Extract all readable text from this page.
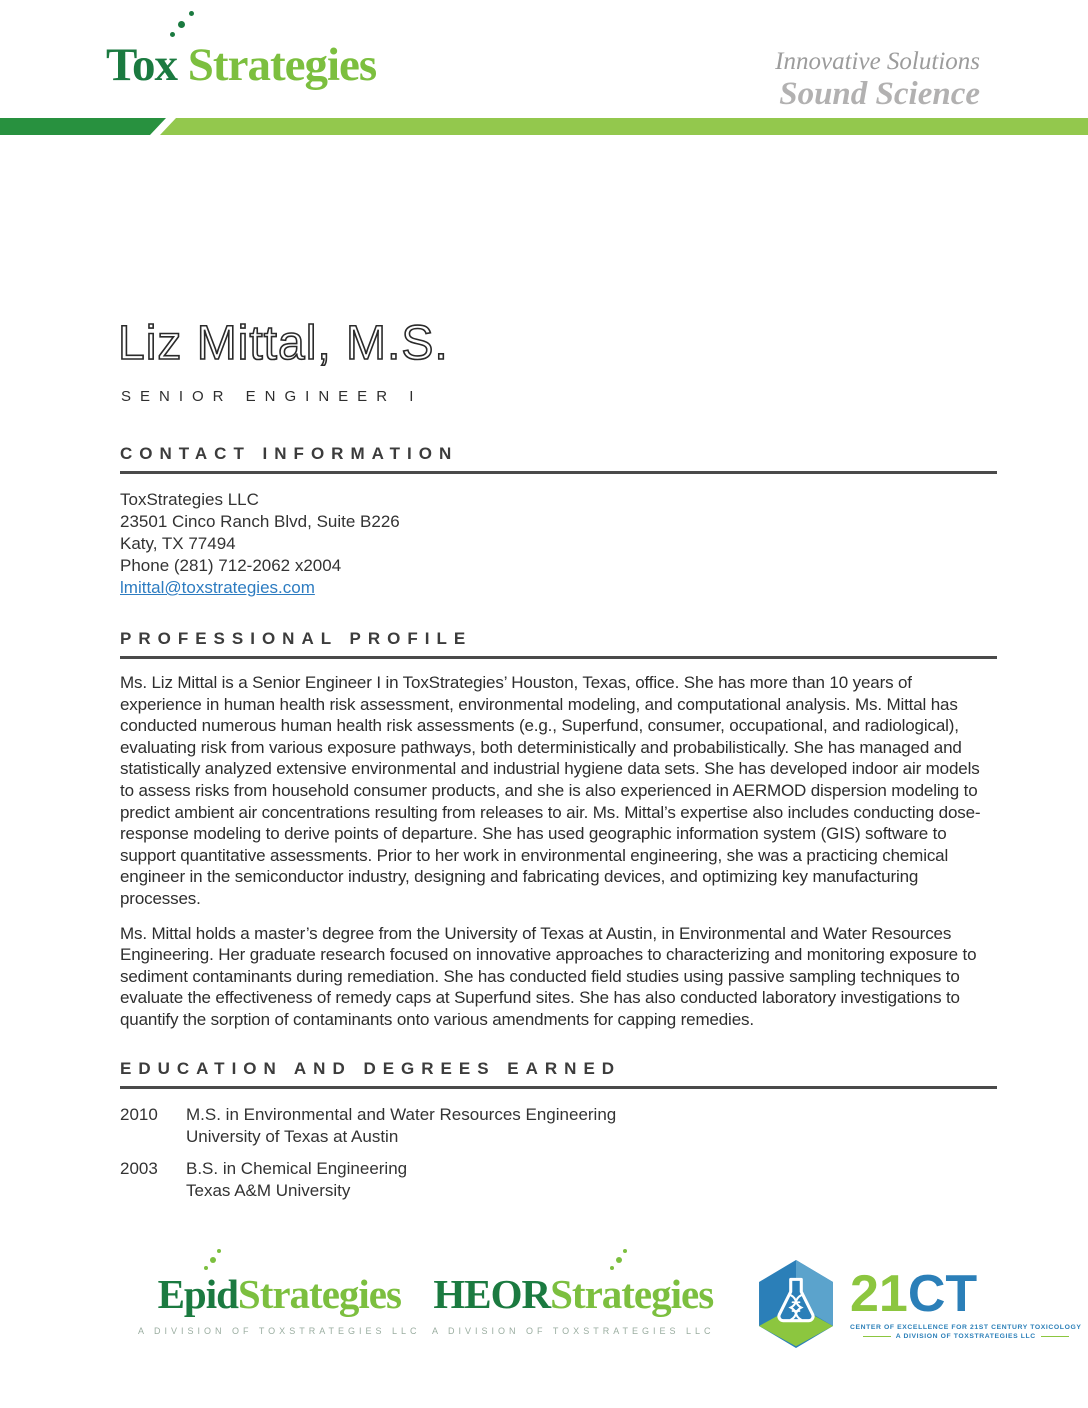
Tox Strategies	Innovative Solutions
Sound Science
Liz Mittal, M.S.
SENIOR ENGINEER I
CONTACT INFORMATION
ToxStrategies LLC
23501 Cinco Ranch Blvd, Suite B226
Katy, TX 77494
Phone (281) 712-2062 x2004
lmittal@toxstrategies.com
PROFESSIONAL PROFILE

Ms. Liz Mittal is a Senior Engineer I in ToxStrategies’ Houston, Texas, office. She has more than 10 years of experience in human health risk assessment, environmental modeling, and computational analysis. Ms. Mittal has conducted numerous human health risk assessments (e.g., Superfund, consumer, occupational, and radiological), evaluating risk from various exposure pathways, both deterministically and probabilistically. She has managed and statistically analyzed extensive environmental and industrial hygiene data sets. She has developed indoor air models to assess risks from household consumer products, and she is also experienced in AERMOD dispersion modeling to predict ambient air concentrations resulting from releases to air. Ms. Mittal’s expertise also includes conducting dose-response modeling to derive points of departure. She has used geographic information system (GIS) software to support quantitative assessments. Prior to her work in environmental engineering, she was a practicing chemical engineer in the semiconductor industry, designing and fabricating devices, and optimizing key manufacturing processes.

Ms. Mittal holds a master’s degree from the University of Texas at Austin, in Environmental and Water Resources Engineering. Her graduate research focused on innovative approaches to characterizing and monitoring exposure to sediment contaminants during remediation. She has conducted field studies using passive sampling techniques to evaluate the effectiveness of remedy caps at Superfund sites. She has also conducted laboratory investigations to quantify the sorption of contaminants onto various amendments for capping remedies.

EDUCATION AND DEGREES EARNED
2010	M.S. in Environmental and Water Resources Engineering
University of Texas at Austin
2003	B.S. in Chemical Engineering
Texas A&M University
EpidStrategies
A DIVISION OF TOXSTRATEGIES LLC
HEORStrategies
A DIVISION OF TOXSTRATEGIES LLC
21CT
CENTER OF EXCELLENCE FOR 21ST CENTURY TOXICOLOGY
A DIVISION OF TOXSTRATEGIES LLC
